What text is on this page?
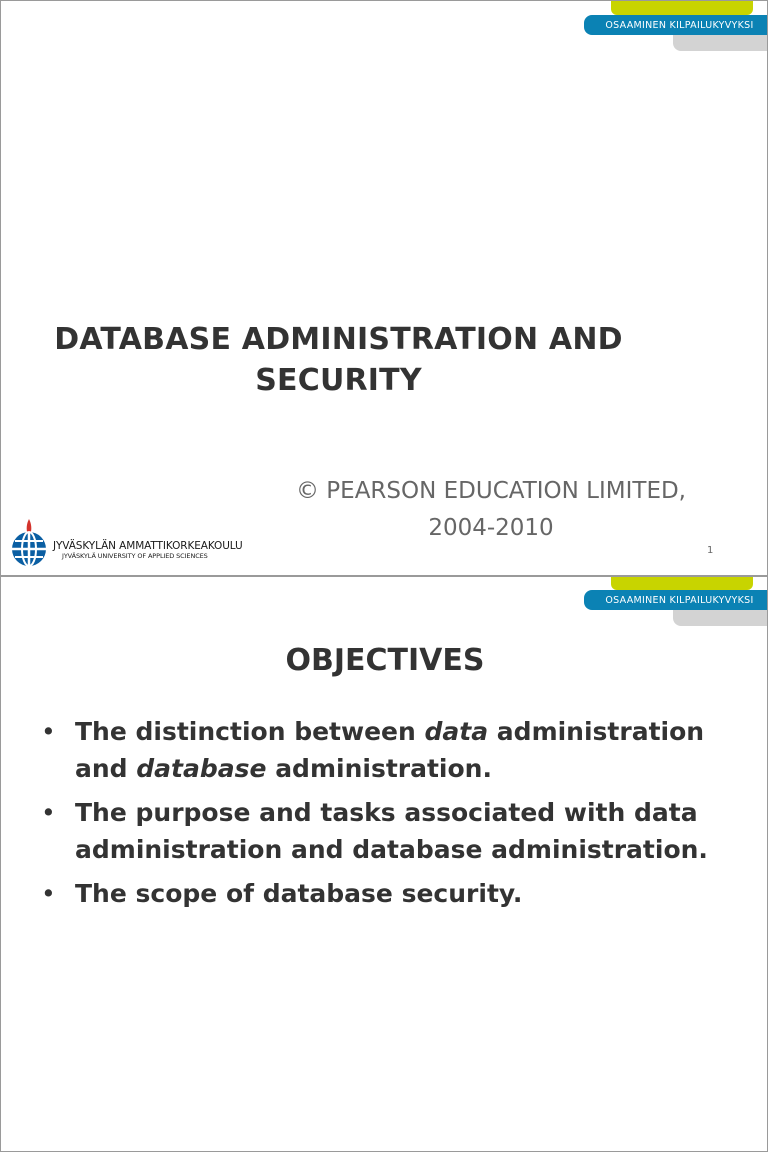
OSAAMINEN KILPAILUKYVYKSI
DATABASE ADMINISTRATION AND
SECURITY
© PEARSON EDUCATION LIMITED,
2004-2010
1
JYVÄSKYLÄN AMMATTIKORKEAKOULU
JYVÄSKYLÄ UNIVERSITY OF APPLIED SCIENCES
OSAAMINEN KILPAILUKYVYKSI
OBJECTIVES
• The distinction between data administration and database administration.
• The purpose and tasks associated with data administration and database administration.
• The scope of database security.
